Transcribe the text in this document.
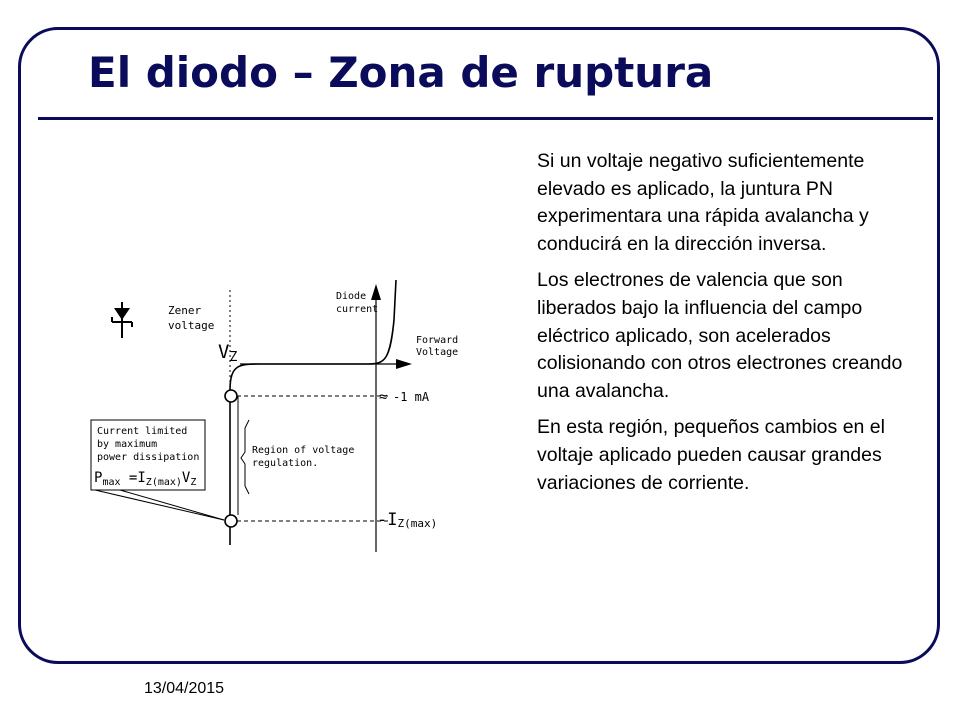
El diodo – Zona de ruptura
Zener
voltage
VZ
Diode
current
Forward
Voltage
≈ -1 mA
Region of voltage
regulation.
Current limited
by maximum
power dissipation
$P_{max} =I_{Z(max)}V_Z$
-IZ(max)

Si un voltaje negativo suficientemente elevado es aplicado, la juntura PN experimentara una rápida avalancha y conducirá en la dirección inversa.

Los electrones de valencia que son liberados bajo la influencia del campo eléctrico aplicado, son acelerados colisionando con otros electrones creando una avalancha.

En esta región, pequeños cambios en el voltaje aplicado pueden causar grandes variaciones de corriente.

13/04/2015
